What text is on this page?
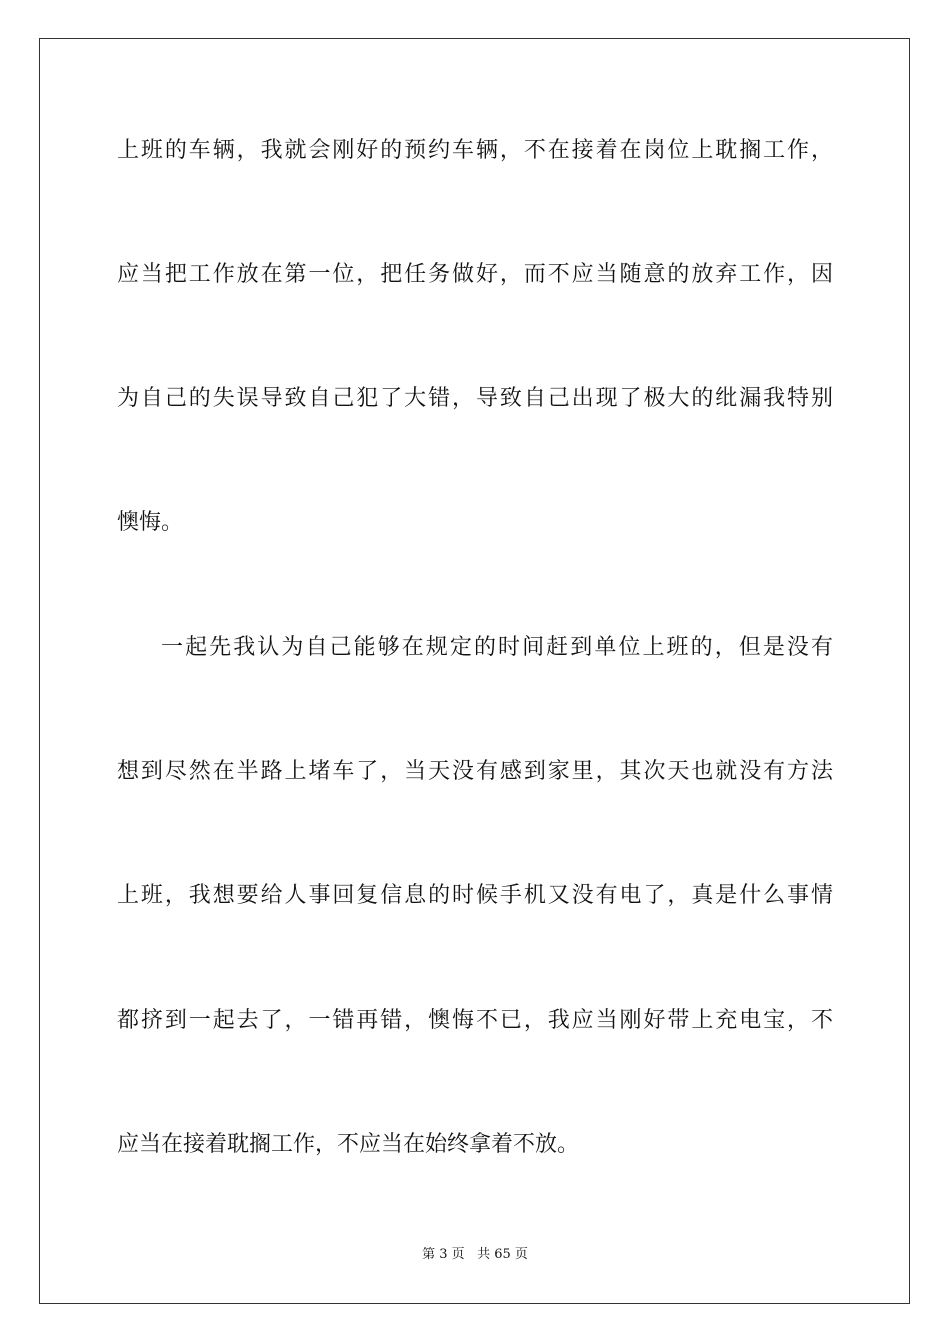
上班的车辆，我就会刚好的预约车辆，不在接着在岗位上耽搁工作，
应当把工作放在第一位，把任务做好，而不应当随意的放弃工作，因
为自己的失误导致自己犯了大错，导致自己出现了极大的纰漏我特别
懊悔。
一起先我认为自己能够在规定的时间赶到单位上班的，但是没有
想到尽然在半路上堵车了，当天没有感到家里，其次天也就没有方法
上班，我想要给人事回复信息的时候手机又没有电了，真是什么事情
都挤到一起去了，一错再错，懊悔不已，我应当刚好带上充电宝，不
应当在接着耽搁工作，不应当在始终拿着不放。
第 3 页 共 65 页
